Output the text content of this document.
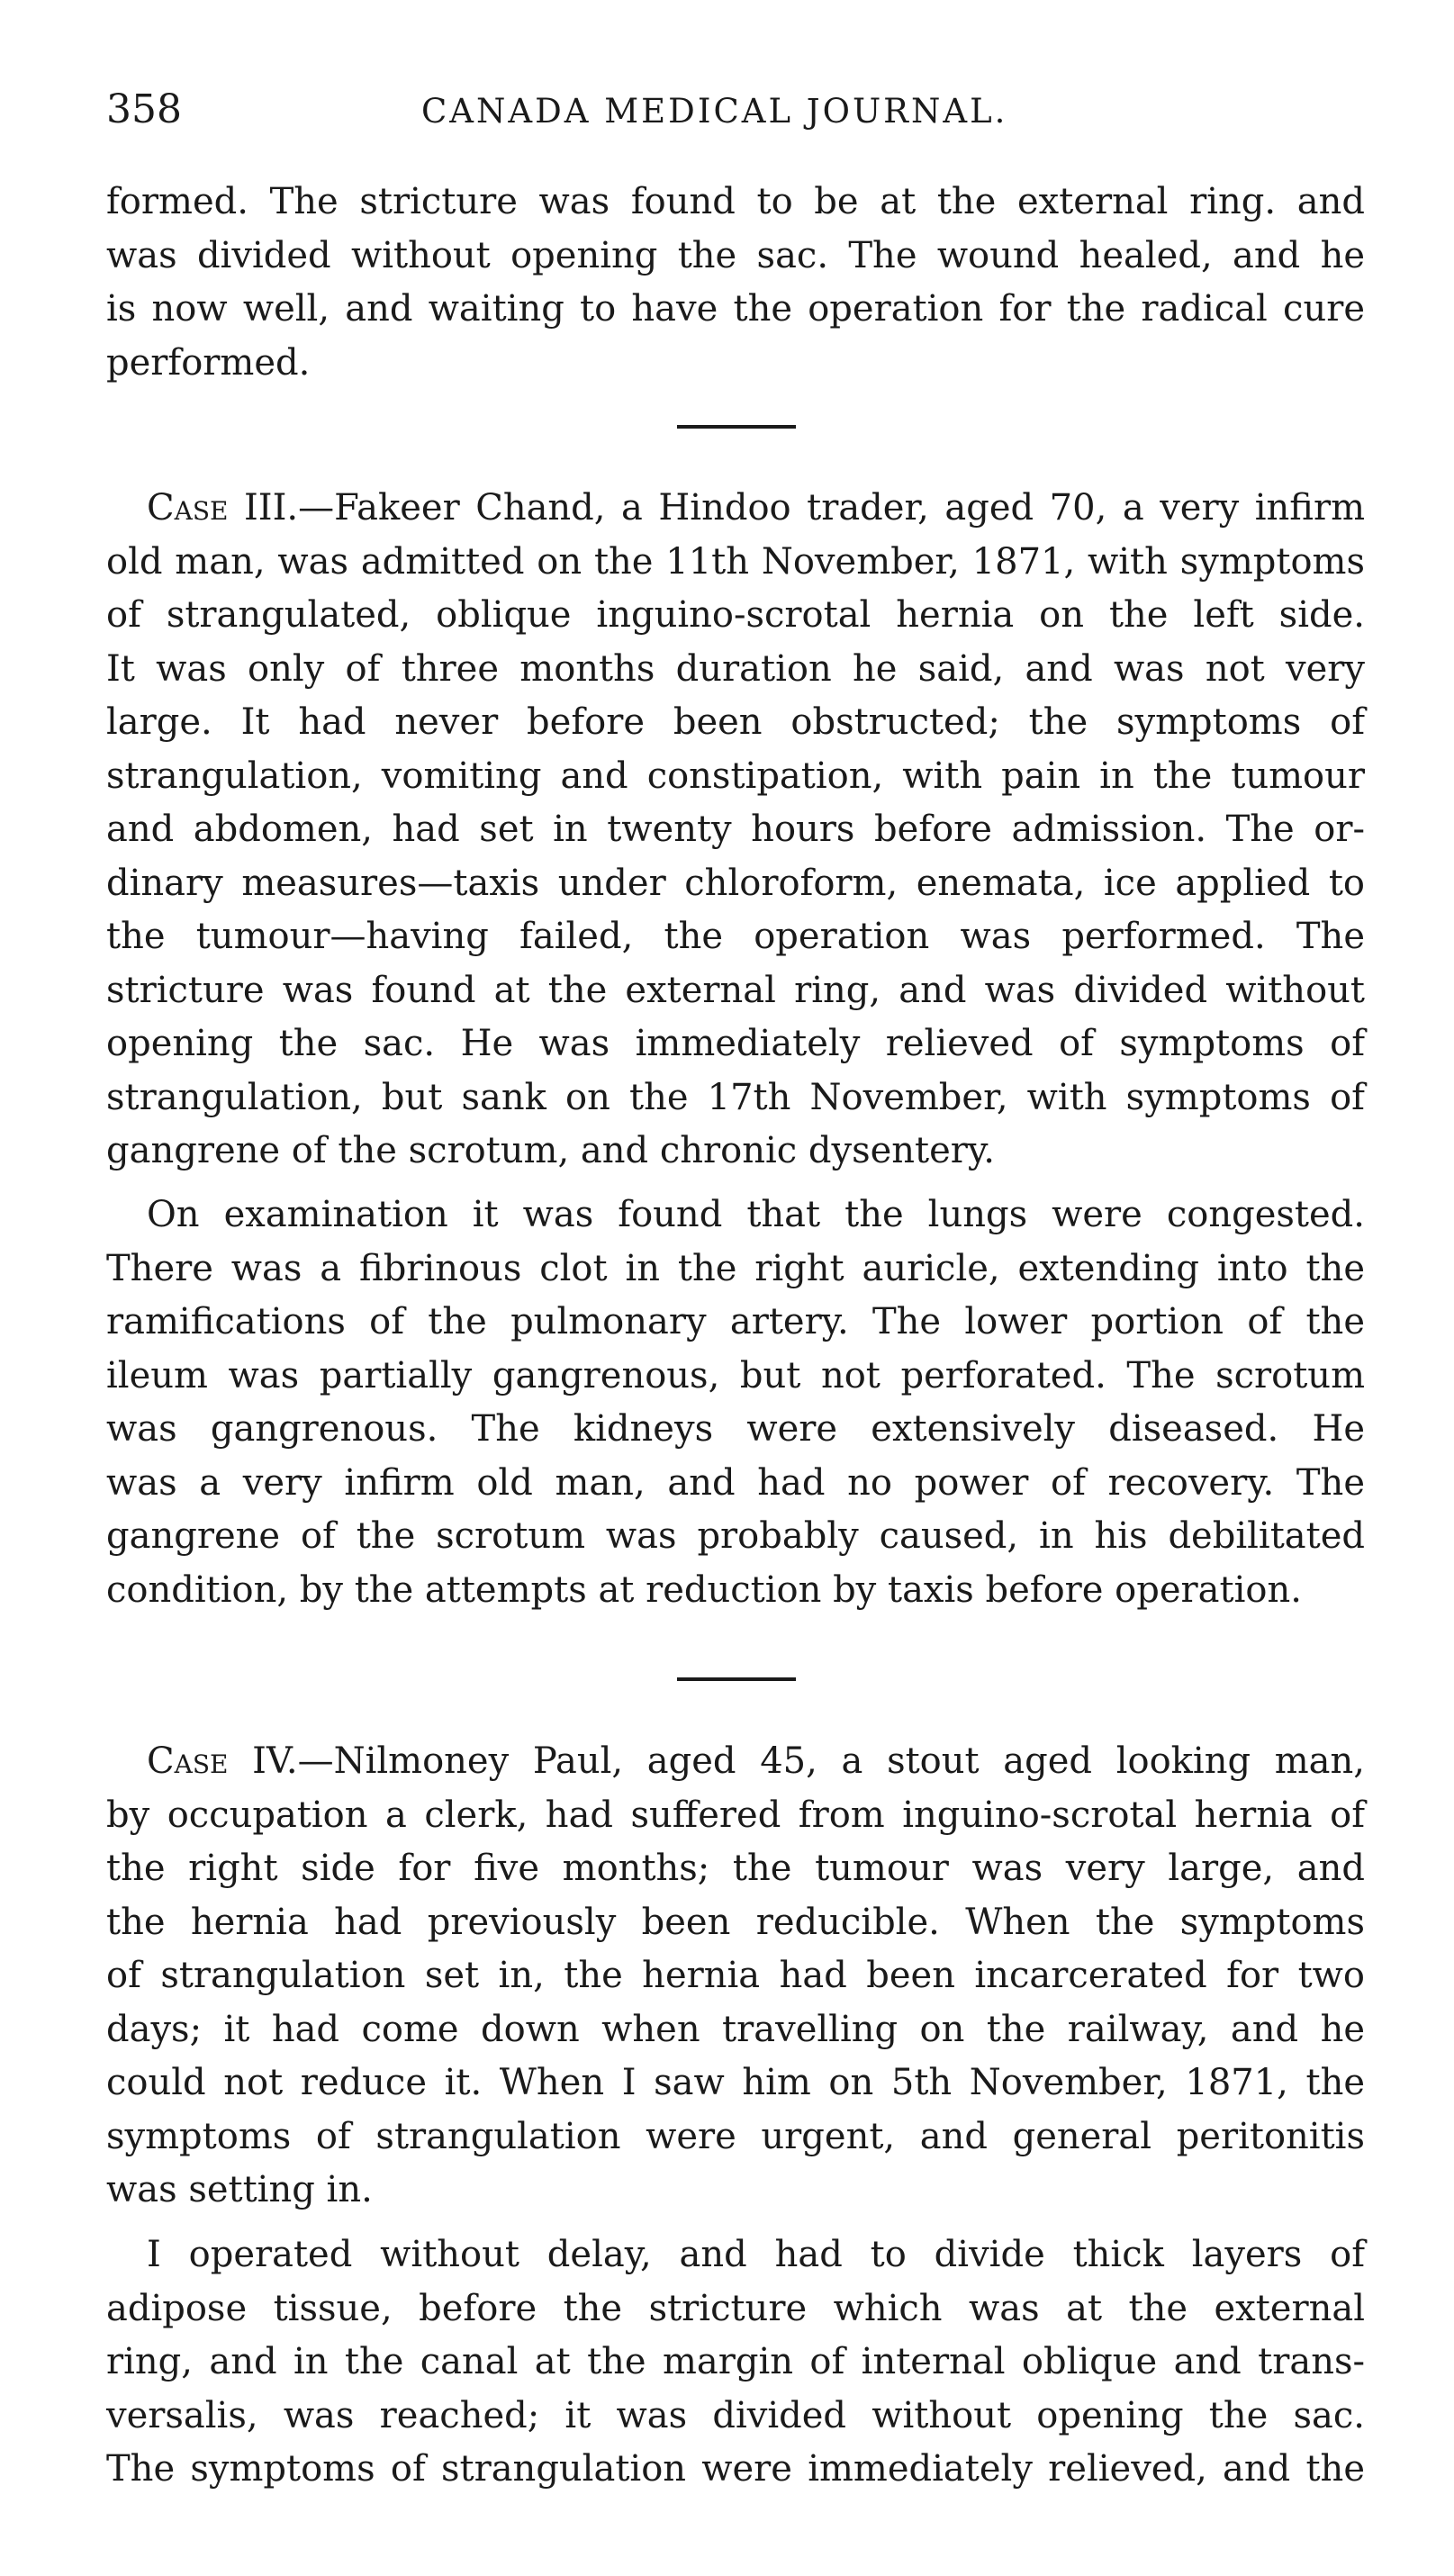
358	CANADA MEDICAL JOURNAL.

formed. The stricture was found to be at the external ring. and
was divided without opening the sac. The wound healed, and he
is now well, and waiting to have the operation for the radical cure
performed.

Case III.—Fakeer Chand, a Hindoo trader, aged 70, a very infirm
old man, was admitted on the 11th November, 1871, with symptoms
of strangulated, oblique inguino-scrotal hernia on the left side.
It was only of three months duration he said, and was not very
large. It had never before been obstructed; the symptoms of
strangulation, vomiting and constipation, with pain in the tumour
and abdomen, had set in twenty hours before admission. The or-
dinary measures—taxis under chloroform, enemata, ice applied to
the tumour—having failed, the operation was performed. The
stricture was found at the external ring, and was divided without
opening the sac. He was immediately relieved of symptoms of
strangulation, but sank on the 17th November, with symptoms of
gangrene of the scrotum, and chronic dysentery.

On examination it was found that the lungs were congested.
There was a fibrinous clot in the right auricle, extending into the
ramifications of the pulmonary artery. The lower portion of the
ileum was partially gangrenous, but not perforated. The scrotum
was gangrenous. The kidneys were extensively diseased. He
was a very infirm old man, and had no power of recovery. The
gangrene of the scrotum was probably caused, in his debilitated
condition, by the attempts at reduction by taxis before operation.

Case IV.—Nilmoney Paul, aged 45, a stout aged looking man,
by occupation a clerk, had suffered from inguino-scrotal hernia of
the right side for five months; the tumour was very large, and
the hernia had previously been reducible. When the symptoms
of strangulation set in, the hernia had been incarcerated for two
days; it had come down when travelling on the railway, and he
could not reduce it. When I saw him on 5th November, 1871, the
symptoms of strangulation were urgent, and general peritonitis
was setting in.

I operated without delay, and had to divide thick layers of
adipose tissue, before the stricture which was at the external
ring, and in the canal at the margin of internal oblique and trans-
versalis, was reached; it was divided without opening the sac.
The symptoms of strangulation were immediately relieved, and the
